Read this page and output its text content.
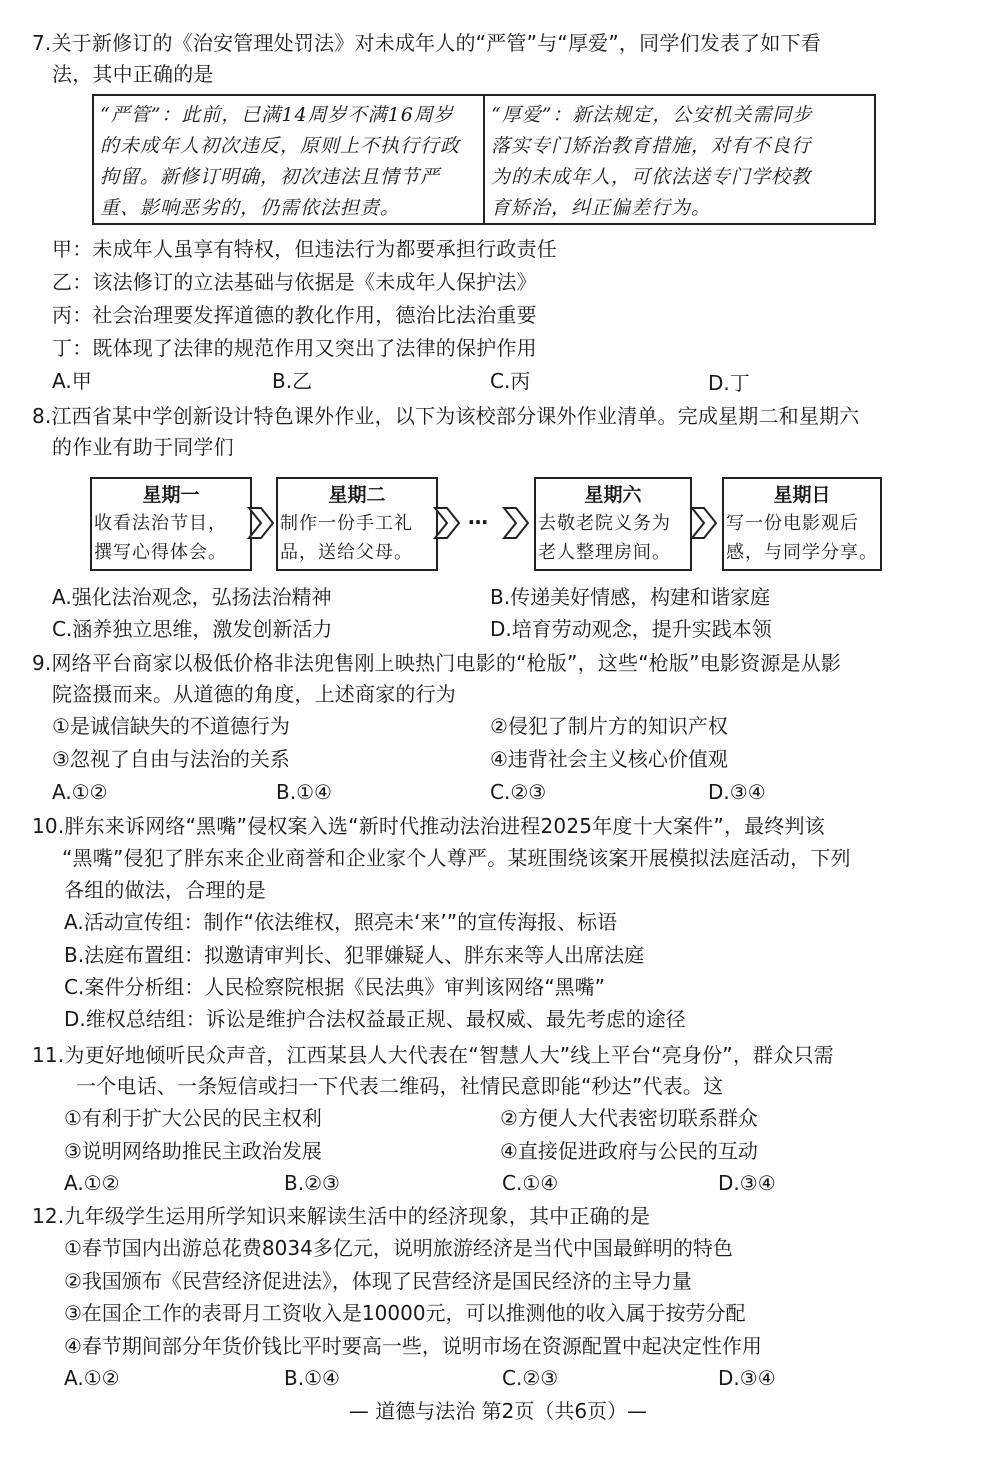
7.关于新修订的《治安管理处罚法》对未成年人的“严管”与“厚爱”，同学们发表了如下看
法，其中正确的是
“严管”：此前，已满14周岁不满16周岁
的未成年人初次违反，原则上不执行行政
拘留。新修订明确，初次违法且情节严
重、影响恶劣的，仍需依法担责。
“厚爱”：新法规定，公安机关需同步
落实专门矫治教育措施，对有不良行
为的未成年人，可依法送专门学校教
育矫治，纠正偏差行为。
甲：未成年人虽享有特权，但违法行为都要承担行政责任
乙：该法修订的立法基础与依据是《未成年人保护法》
丙：社会治理要发挥道德的教化作用，德治比法治重要
丁：既体现了法律的规范作用又突出了法律的保护作用
A.甲	B.乙	C.丙	D.丁
8.江西省某中学创新设计特色课外作业，以下为该校部分课外作业清单。完成星期二和星期六
的作业有助于同学们
星期一
收看法治节目，
撰写心得体会。
星期二
制作一份手工礼
品，送给父母。
…
星期六
去敬老院义务为
老人整理房间。
星期日
写一份电影观后
感，与同学分享。
A.强化法治观念，弘扬法治精神	B.传递美好情感，构建和谐家庭
C.涵养独立思维，激发创新活力	D.培育劳动观念，提升实践本领
9.网络平台商家以极低价格非法兜售刚上映热门电影的“枪版”，这些“枪版”电影资源是从影
院盗摄而来。从道德的角度，上述商家的行为
①是诚信缺失的不道德行为	②侵犯了制片方的知识产权
③忽视了自由与法治的关系	④违背社会主义核心价值观
A.①②	B.①④	C.②③	D.③④
10.胖东来诉网络“黑嘴”侵权案入选“新时代推动法治进程2025年度十大案件”，最终判该
“黑嘴”侵犯了胖东来企业商誉和企业家个人尊严。某班围绕该案开展模拟法庭活动，下列
各组的做法，合理的是
A.活动宣传组：制作“依法维权，照亮未‘来’”的宣传海报、标语
B.法庭布置组：拟邀请审判长、犯罪嫌疑人、胖东来等人出席法庭
C.案件分析组：人民检察院根据《民法典》审判该网络“黑嘴”
D.维权总结组：诉讼是维护合法权益最正规、最权威、最先考虑的途径
11.为更好地倾听民众声音，江西某县人大代表在“智慧人大”线上平台“亮身份”，群众只需
一个电话、一条短信或扫一下代表二维码，社情民意即能“秒达”代表。这
①有利于扩大公民的民主权利	②方便人大代表密切联系群众
③说明网络助推民主政治发展	④直接促进政府与公民的互动
A.①②	B.②③	C.①④	D.③④
12.九年级学生运用所学知识来解读生活中的经济现象，其中正确的是
①春节国内出游总花费8034多亿元，说明旅游经济是当代中国最鲜明的特色
②我国颁布《民营经济促进法》，体现了民营经济是国民经济的主导力量
③在国企工作的表哥月工资收入是10000元，可以推测他的收入属于按劳分配
④春节期间部分年货价钱比平时要高一些，说明市场在资源配置中起决定性作用
A.①②	B.①④	C.②③	D.③④
— 道德与法治 第2页（共6页）—
